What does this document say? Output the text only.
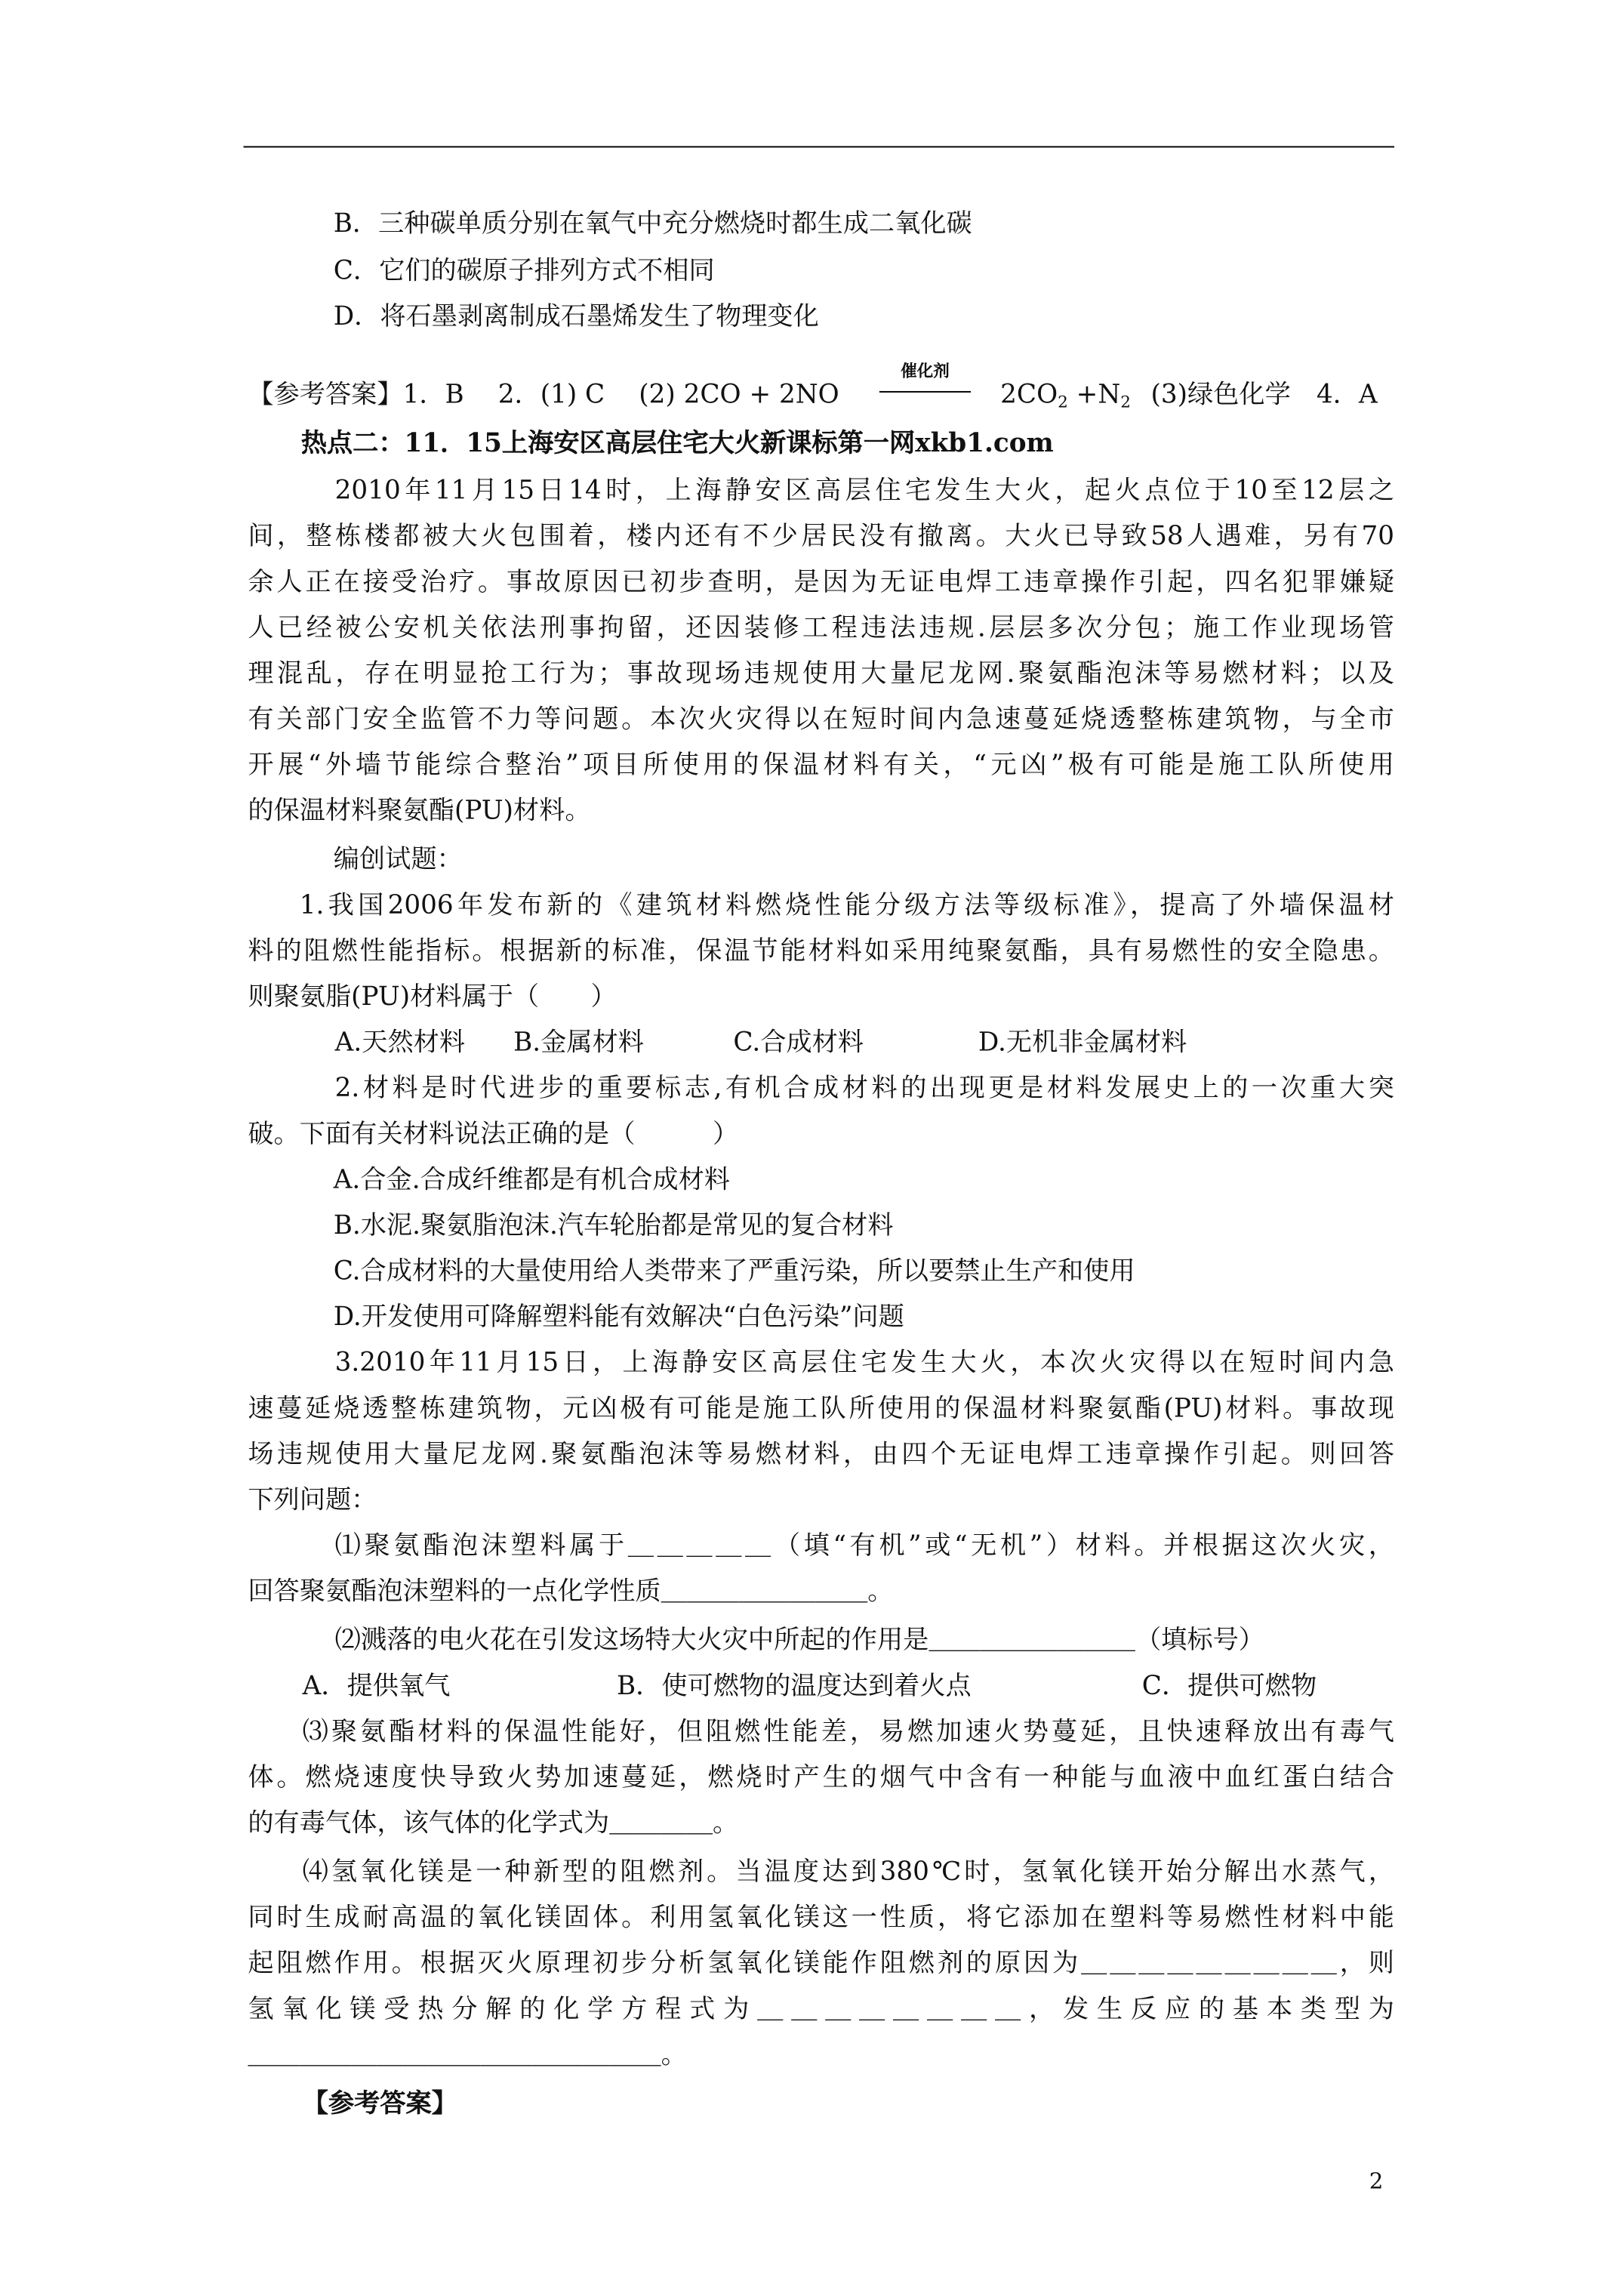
B．三种碳单质分别在氧气中充分燃烧时都生成二氧化碳
C．它们的碳原子排列方式不相同
D．将石墨剥离制成石墨烯发生了物理变化
【参考答案】1．B　 2．(1) C　 (2) 2CO + 2NO
催化剂
$2CO_2 +N_2$ (3)绿色化学　4．A
热点二：11．15上海安区高层住宅大火新课标第一网xkb1.com
2010年11月15日14时，上海静安区高层住宅发生大火，起火点位于10至12层之
间，整栋楼都被大火包围着，楼内还有不少居民没有撤离。大火已导致58人遇难，另有70
余人正在接受治疗。事故原因已初步查明，是因为无证电焊工违章操作引起，四名犯罪嫌疑
人已经被公安机关依法刑事拘留，还因装修工程违法违规.层层多次分包；施工作业现场管
理混乱，存在明显抢工行为；事故现场违规使用大量尼龙网.聚氨酯泡沫等易燃材料；以及
有关部门安全监管不力等问题。本次火灾得以在短时间内急速蔓延烧透整栋建筑物，与全市
开展“外墙节能综合整治”项目所使用的保温材料有关，“元凶”极有可能是施工队所使用
的保温材料聚氨酯(PU)材料。
编创试题：
1.我国2006年发布新的《建筑材料燃烧性能分级方法等级标准》，提高了外墙保温材
料的阻燃性能指标。根据新的标准，保温节能材料如采用纯聚氨酯，具有易燃性的安全隐患。
则聚氨脂(PU)材料属于（　　）
A.天然材料	B.金属材料	C.合成材料	D.无机非金属材料
2.材料是时代进步的重要标志,有机合成材料的出现更是材料发展史上的一次重大突
破。下面有关材料说法正确的是（　　　）
A.合金.合成纤维都是有机合成材料
B.水泥.聚氨脂泡沫.汽车轮胎都是常见的复合材料
C.合成材料的大量使用给人类带来了严重污染，所以要禁止生产和使用
D.开发使用可降解塑料能有效解决“白色污染”问题
3.2010年11月15日，上海静安区高层住宅发生大火，本次火灾得以在短时间内急
速蔓延烧透整栋建筑物，元凶极有可能是施工队所使用的保温材料聚氨酯(PU)材料。事故现
场违规使用大量尼龙网.聚氨酯泡沫等易燃材料，由四个无证电焊工违章操作引起。则回答
下列问题：
⑴聚氨酯泡沫塑料属于＿＿＿＿＿（填“有机”或“无机”）材料。并根据这次火灾，
回答聚氨酯泡沫塑料的一点化学性质＿＿＿＿＿＿＿＿。
⑵溅落的电火花在引发这场特大火灾中所起的作用是＿＿＿＿＿＿＿＿（填标号）
A．提供氧气	B．使可燃物的温度达到着火点	C．提供可燃物
⑶聚氨酯材料的保温性能好，但阻燃性能差，易燃加速火势蔓延，且快速释放出有毒气
体。燃烧速度快导致火势加速蔓延，燃烧时产生的烟气中含有一种能与血液中血红蛋白结合
的有毒气体，该气体的化学式为＿＿＿＿。
⑷氢氧化镁是一种新型的阻燃剂。当温度达到380℃时，氢氧化镁开始分解出水蒸气，
同时生成耐高温的氧化镁固体。利用氢氧化镁这一性质，将它添加在塑料等易燃性材料中能
起阻燃作用。根据灭火原理初步分析氢氧化镁能作阻燃剂的原因为＿＿＿＿＿＿＿＿＿，则
氢氧化镁受热分解的化学方程式为＿＿＿＿＿＿＿＿，发生反应的基本类型为
＿＿＿＿＿＿＿＿＿＿＿＿＿＿＿＿。
【参考答案】
2
